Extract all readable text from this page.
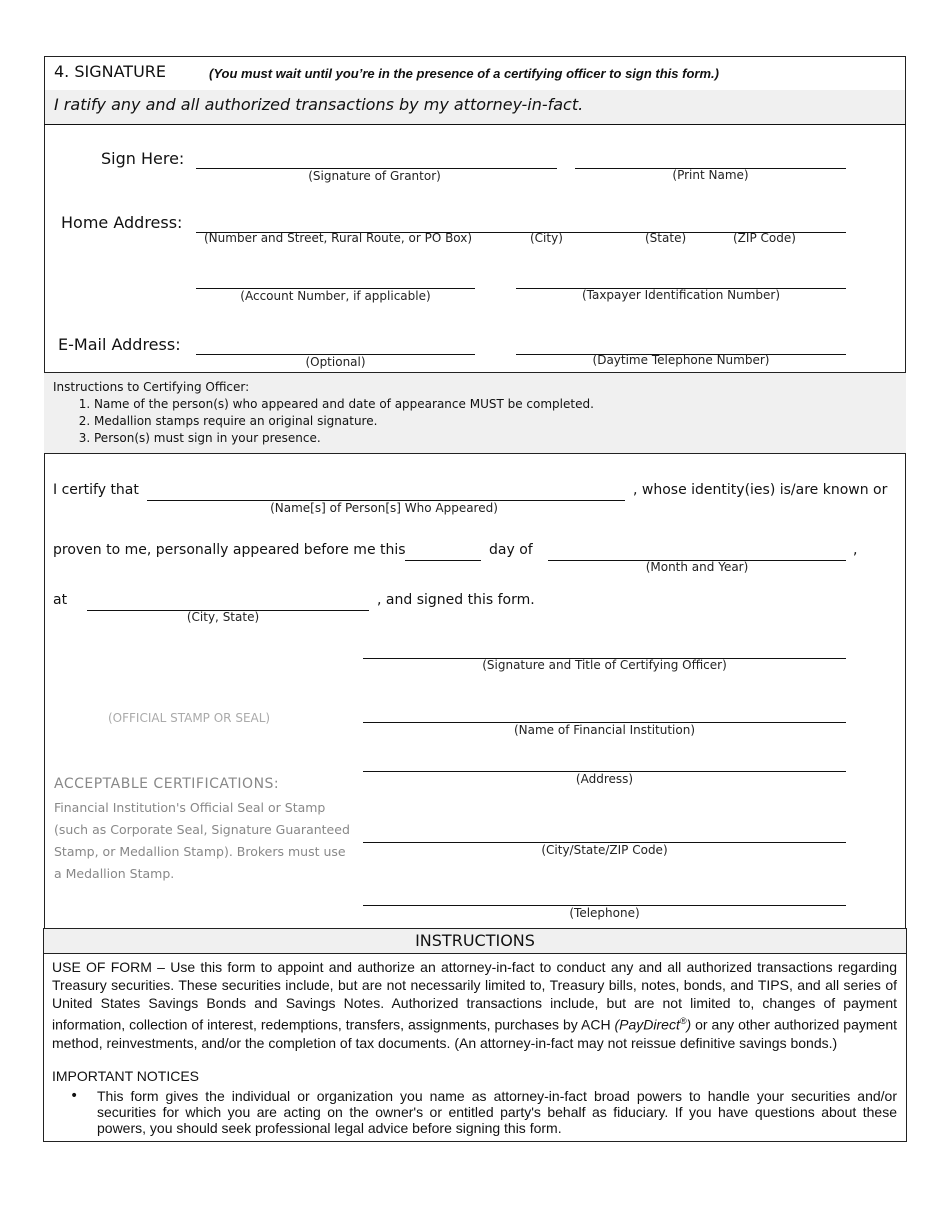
4. SIGNATURE	(You must wait until you’re in the presence of a certifying officer to sign this form.)
I ratify any and all authorized transactions by my attorney-in-fact.
Sign Here:
(Signature of Grantor)	(Print Name)
Home Address:
(Number and Street, Rural Route, or PO Box)	(City)	(State)	(ZIP Code)
(Account Number, if applicable)	(Taxpayer Identification Number)
E-Mail Address:
(Optional)	(Daytime Telephone Number)
Instructions to Certifying Officer:
1. Name of the person(s) who appeared and date of appearance MUST be completed.
2. Medallion stamps require an original signature.
3. Person(s) must sign in your presence.
I certify that
(Name[s] of Person[s] Who Appeared)
, whose identity(ies) is/are known or
proven to me, personally appeared before me this	day of
(Month and Year)
,
at
(City, State)
, and signed this form.
(Signature and Title of Certifying Officer)
(OFFICIAL STAMP OR SEAL)
(Name of Financial Institution)
(Address)
ACCEPTABLE CERTIFICATIONS:
Financial Institution's Official Seal or Stamp (such as Corporate Seal, Signature Guaranteed Stamp, or Medallion Stamp). Brokers must use a Medallion Stamp.
(City/State/ZIP Code)
(Telephone)
INSTRUCTIONS
USE OF FORM – Use this form to appoint and authorize an attorney-in-fact to conduct any and all authorized transactions regarding Treasury securities. These securities include, but are not necessarily limited to, Treasury bills, notes, bonds, and TIPS, and all series of United States Savings Bonds and Savings Notes. Authorized transactions include, but are not limited to, changes of payment information, collection of interest, redemptions, transfers, assignments, purchases by ACH (PayDirect®) or any other authorized payment method, reinvestments, and/or the completion of tax documents. (An attorney-in-fact may not reissue definitive savings bonds.)
IMPORTANT NOTICES
• This form gives the individual or organization you name as attorney-in-fact broad powers to handle your securities and/or securities for which you are acting on the owner's or entitled party's behalf as fiduciary. If you have questions about these powers, you should seek professional legal advice before signing this form.
